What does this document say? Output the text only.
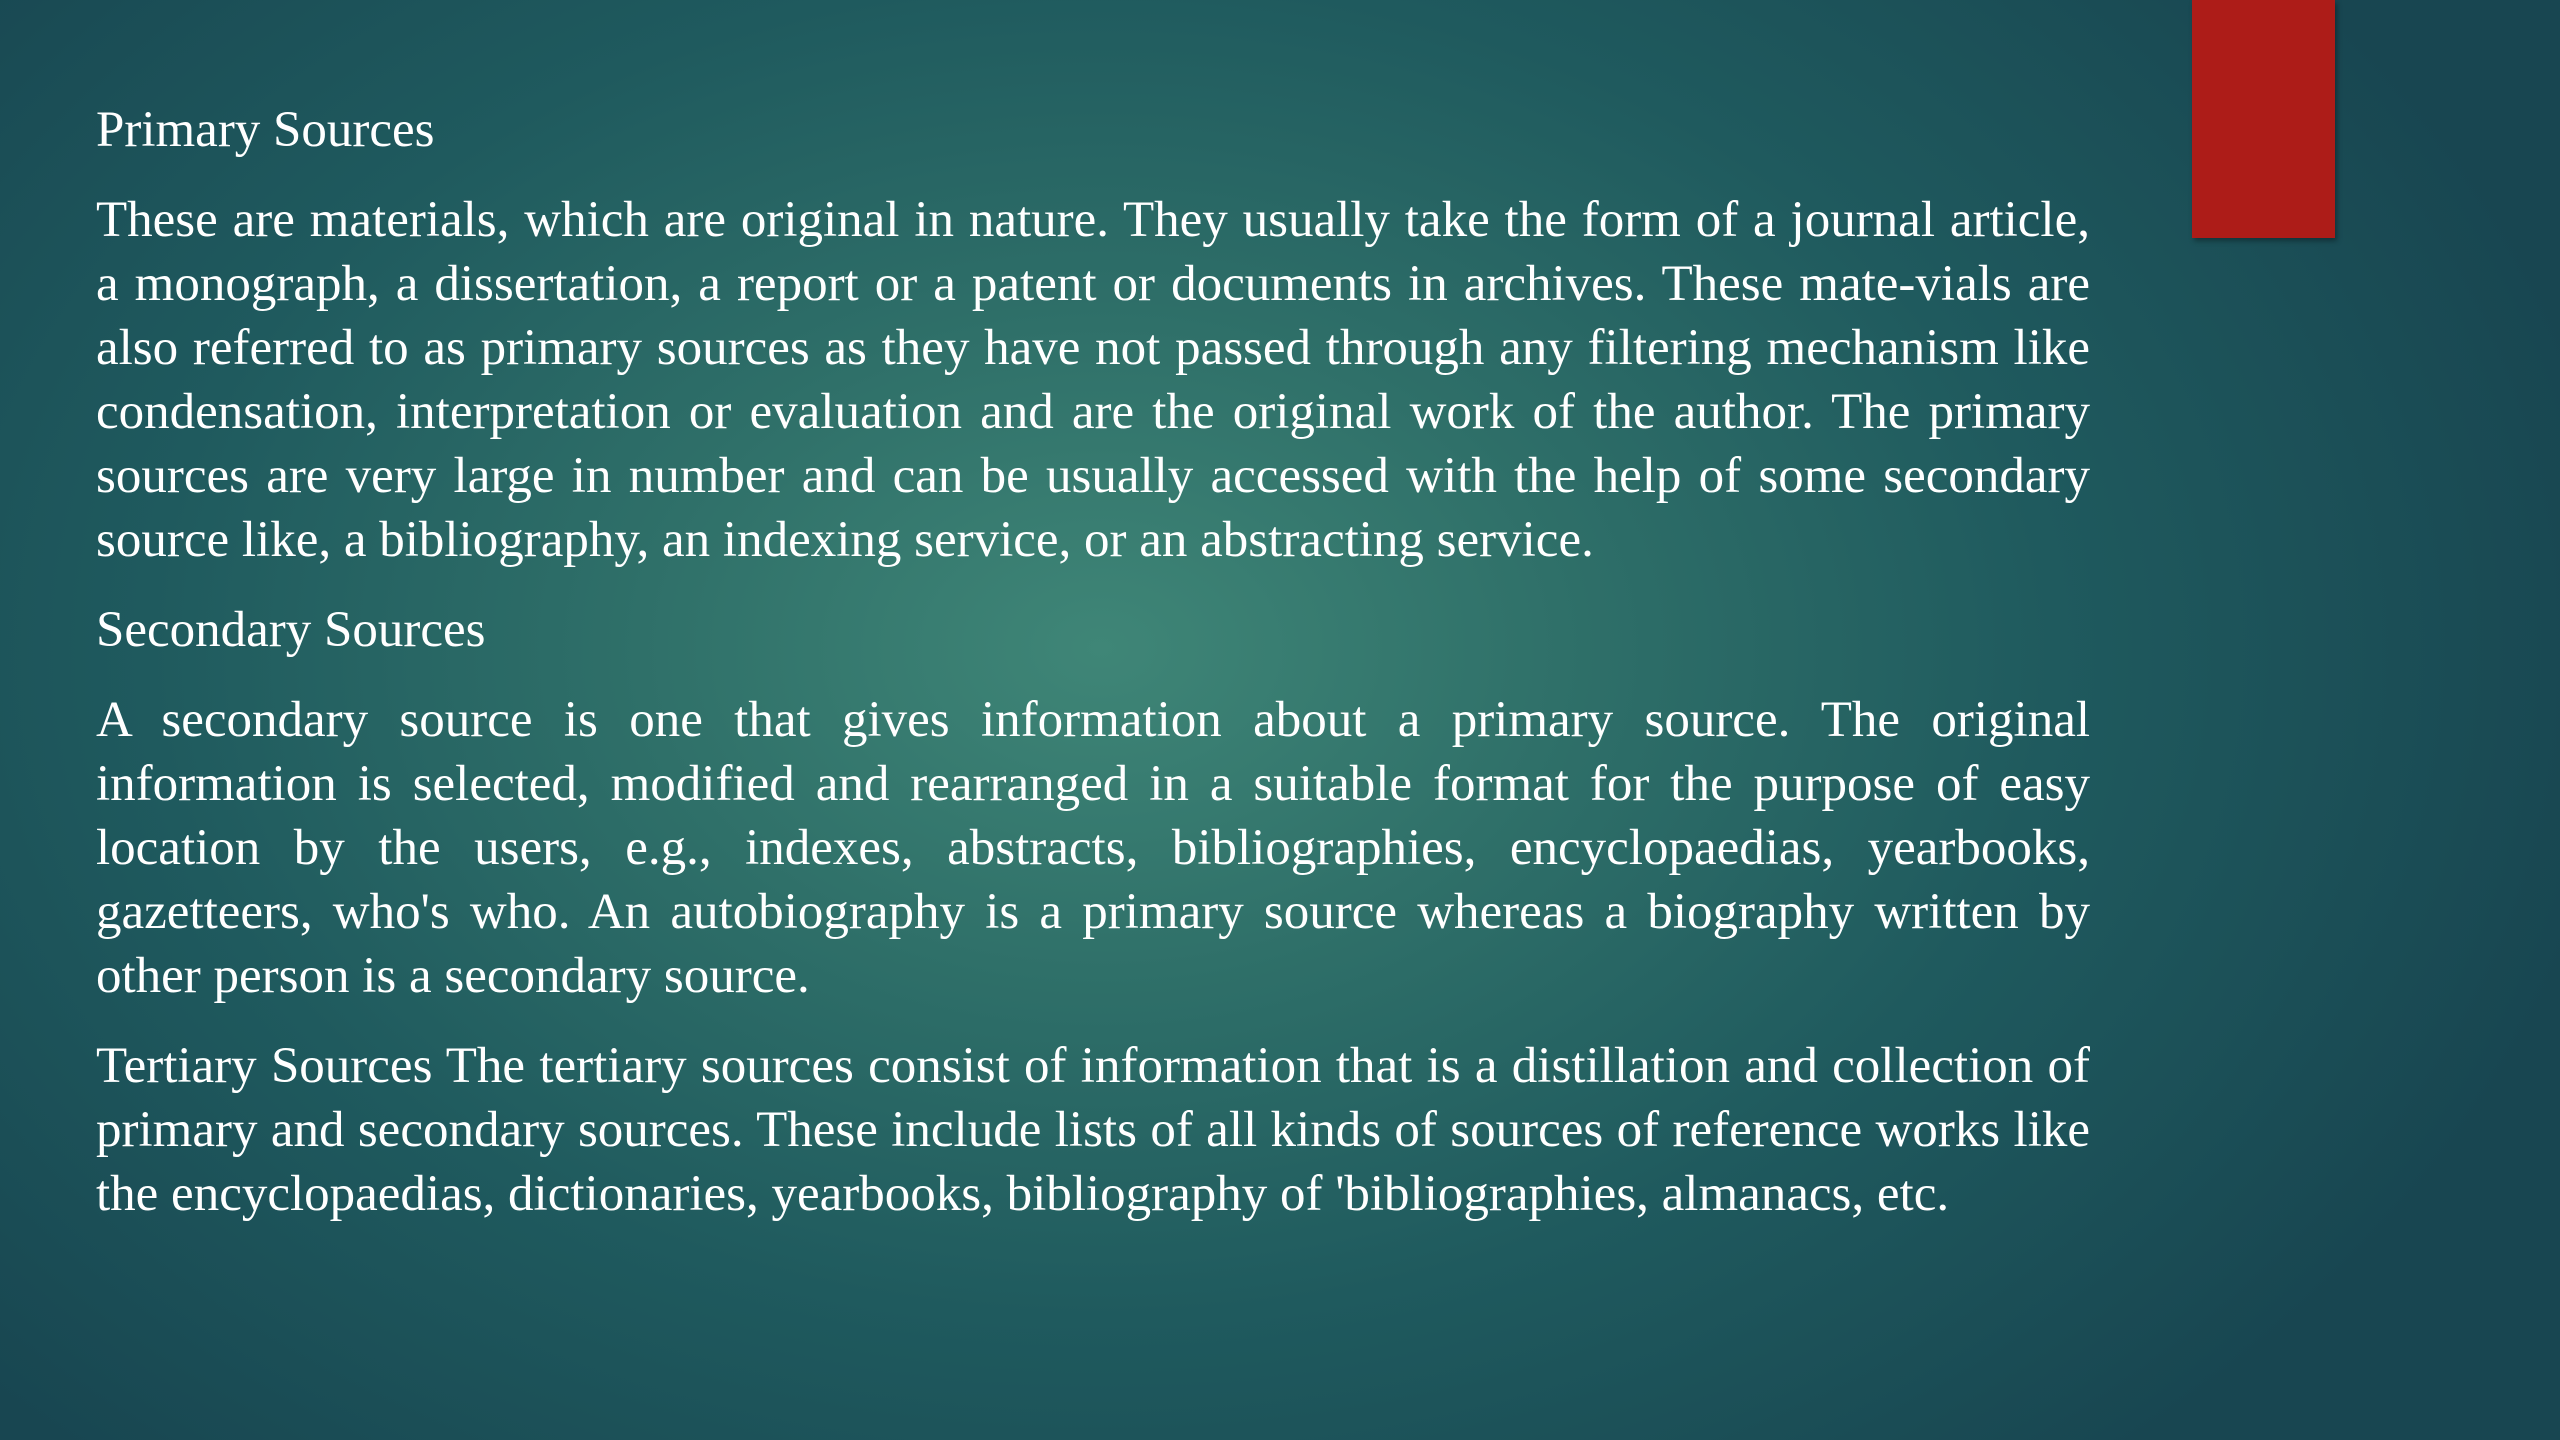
Primary Sources

These are materials, which are original in nature. They usually take the form of a journal article, a monograph, a dissertation, a report or a patent or documents in archives. These mate-vials are also referred to as primary sources as they have not passed through any filtering mechanism like condensation, interpretation or evaluation and are the original work of the author. The primary sources are very large in number and can be usually accessed with the help of some secondary source like, a bibliography, an indexing service, or an abstracting service.

Secondary Sources

A secondary source is one that gives information about a primary source. The original information is selected, modified and rearranged in a suitable format for the purpose of easy location by the users, e.g., indexes, abstracts, bibliographies, encyclopaedias, yearbooks, gazetteers, who's who. An autobiography is a primary source whereas a biography written by other person is a secondary source.

Tertiary Sources The tertiary sources consist of information that is a distillation and collection of primary and secondary sources. These include lists of all kinds of sources of reference works like the encyclopaedias, dictionaries, yearbooks, bibliography of 'bibliographies, almanacs, etc.
